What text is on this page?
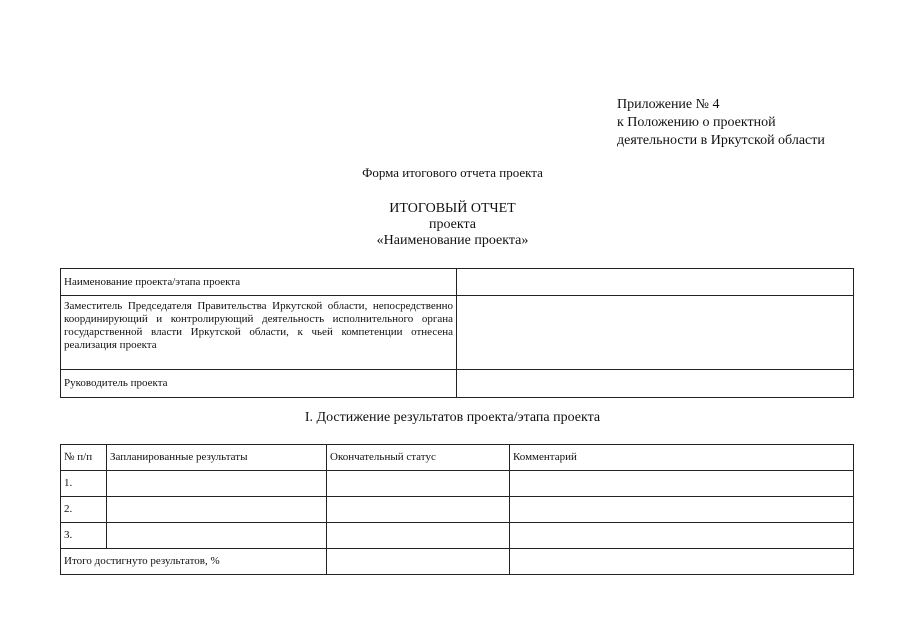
Приложение № 4
к Положению о проектной
деятельности в Иркутской области
Форма итогового отчета проекта
ИТОГОВЫЙ ОТЧЕТ
проекта
«Наименование проекта»
Наименование проекта/этапа проекта	
Заместитель Председателя Правительства Иркутской области, непосредственно координирующий и контролирующий деятельность исполнительного органа государственной власти Иркутской области, к чьей компетенции отнесена реализация проекта	
Руководитель проекта	
I. Достижение результатов проекта/этапа проекта
№ п/п	Запланированные результаты	Окончательный статус	Комментарий
1.			
2.			
3.			
Итого достигнуто результатов, %			
